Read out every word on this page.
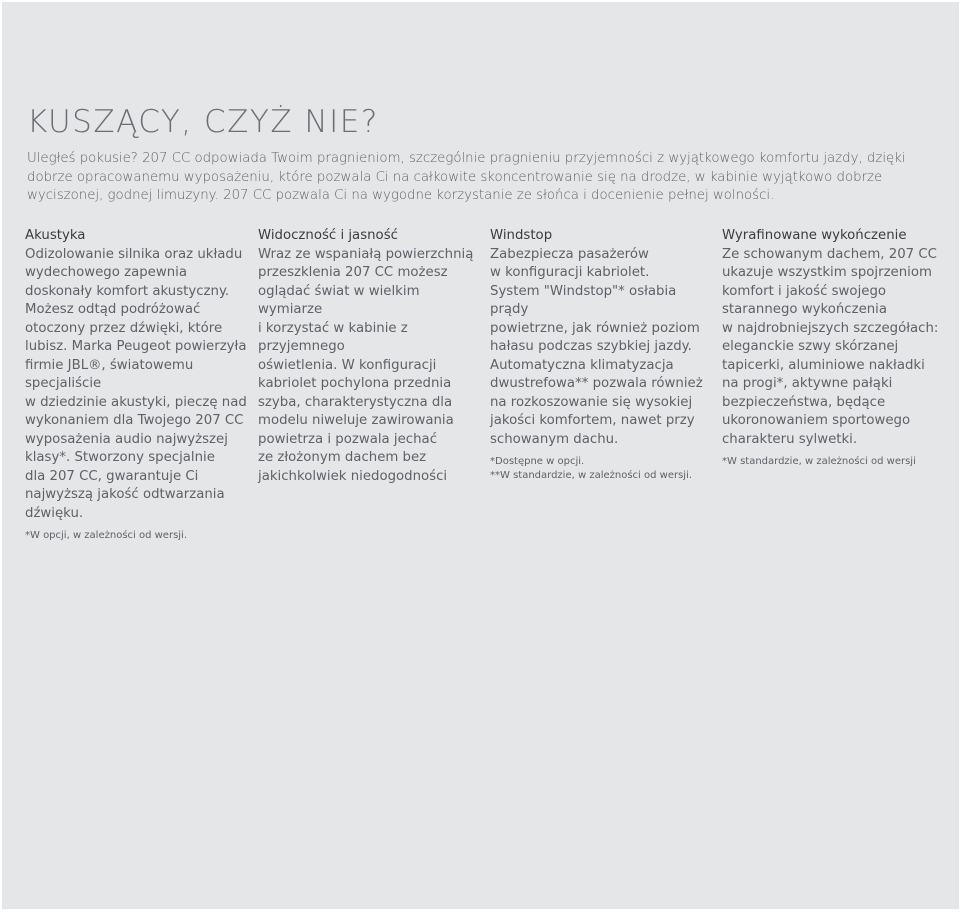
KUSZĄCY, CZYŻ NIE?

Uległeś pokusie? 207 CC odpowiada Twoim pragnieniom, szczególnie pragnieniu przyjemności z wyjątkowego komfortu jazdy, dzięki dobrze opracowanemu wyposażeniu, które pozwala Ci na całkowite skoncentrowanie się na drodze, w kabinie wyjątkowo dobrze wyciszonej, godnej limuzyny. 207 CC pozwala Ci na wygodne korzystanie ze słońca i docenienie pełnej wolności.

Akustyka

Odizolowanie silnika oraz układu
wydechowego zapewnia
doskonały komfort akustyczny.
Możesz odtąd podróżować
otoczony przez dźwięki, które
lubisz. Marka Peugeot powierzyła
firmie JBL®, światowemu specjaliście
w dziedzinie akustyki, pieczę nad
wykonaniem dla Twojego 207 CC
wyposażenia audio najwyższej
klasy*. Stworzony specjalnie
dla 207 CC, gwarantuje Ci
najwyższą jakość odtwarzania
dźwięku.

*W opcji, w zależności od wersji.

Widoczność i jasność

Wraz ze wspaniałą powierzchnią
przeszklenia 207 CC możesz
oglądać świat w wielkim wymiarze
i korzystać w kabinie z przyjemnego
oświetlenia. W konfiguracji
kabriolet pochylona przednia
szyba, charakterystyczna dla
modelu niweluje zawirowania
powietrza i pozwala jechać
ze złożonym dachem bez
jakichkolwiek niedogodności

Windstop

Zabezpiecza pasażerów
w konfiguracji kabriolet.
System "Windstop"* osłabia prądy
powietrzne, jak również poziom
hałasu podczas szybkiej jazdy.
Automatyczna klimatyzacja
dwustrefowa** pozwala również
na rozkoszowanie się wysokiej
jakości komfortem, nawet przy
schowanym dachu.

*Dostępne w opcji.
**W standardzie, w zależności od wersji.

Wyrafinowane wykończenie

Ze schowanym dachem, 207 CC
ukazuje wszystkim spojrzeniom
komfort i jakość swojego
starannego wykończenia
w najdrobniejszych szczegółach:
eleganckie szwy skórzanej
tapicerki, aluminiowe nakładki
na progi*, aktywne pałąki
bezpieczeństwa, będące
ukoronowaniem sportowego
charakteru sylwetki.

*W standardzie, w zależności od wersji
